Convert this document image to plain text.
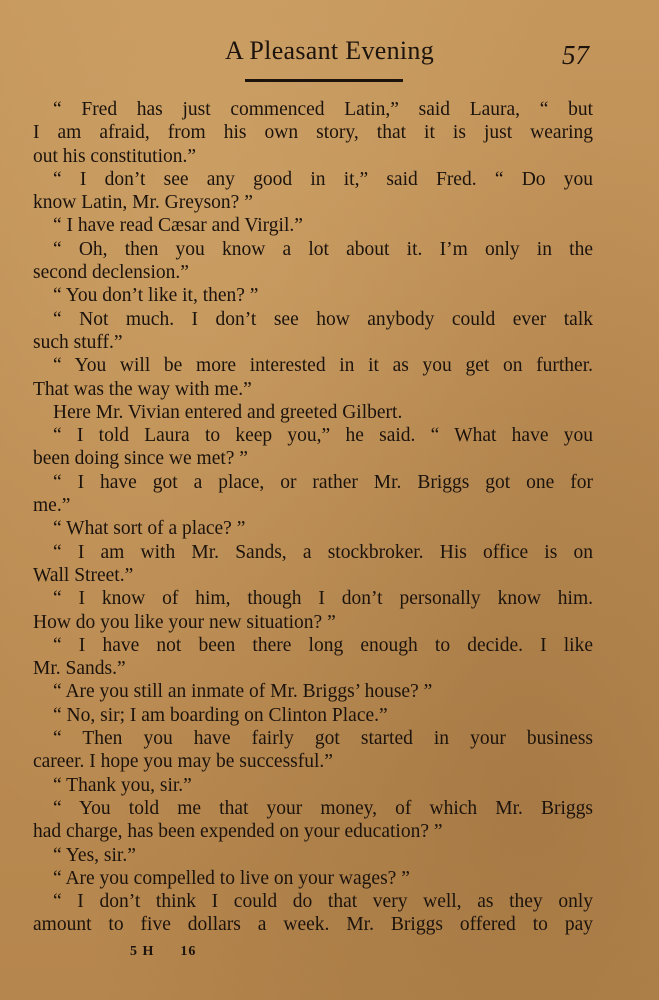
A Pleasant Evening	57
“ Fred has just commenced Latin,” said Laura, “ but
I am afraid, from his own story, that it is just wearing
out his constitution.”
“ I don’t see any good in it,” said Fred. “ Do you
know Latin, Mr. Greyson? ”
“ I have read Cæsar and Virgil.”
“ Oh, then you know a lot about it. I’m only in the
second declension.”
“ You don’t like it, then? ”
“ Not much. I don’t see how anybody could ever talk
such stuff.”
“ You will be more interested in it as you get on further.
That was the way with me.”
Here Mr. Vivian entered and greeted Gilbert.
“ I told Laura to keep you,” he said. “ What have you
been doing since we met? ”
“ I have got a place, or rather Mr. Briggs got one for
me.”
“ What sort of a place? ”
“ I am with Mr. Sands, a stockbroker. His office is on
Wall Street.”
“ I know of him, though I don’t personally know him.
How do you like your new situation? ”
“ I have not been there long enough to decide. I like
Mr. Sands.”
“ Are you still an inmate of Mr. Briggs’ house? ”
“ No, sir; I am boarding on Clinton Place.”
“ Then you have fairly got started in your business
career. I hope you may be successful.”
“ Thank you, sir.”
“ You told me that your money, of which Mr. Briggs
had charge, has been expended on your education? ”
“ Yes, sir.”
“ Are you compelled to live on your wages? ”
“ I don’t think I could do that very well, as they only
amount to five dollars a week. Mr. Briggs offered to pay
5 H 16
